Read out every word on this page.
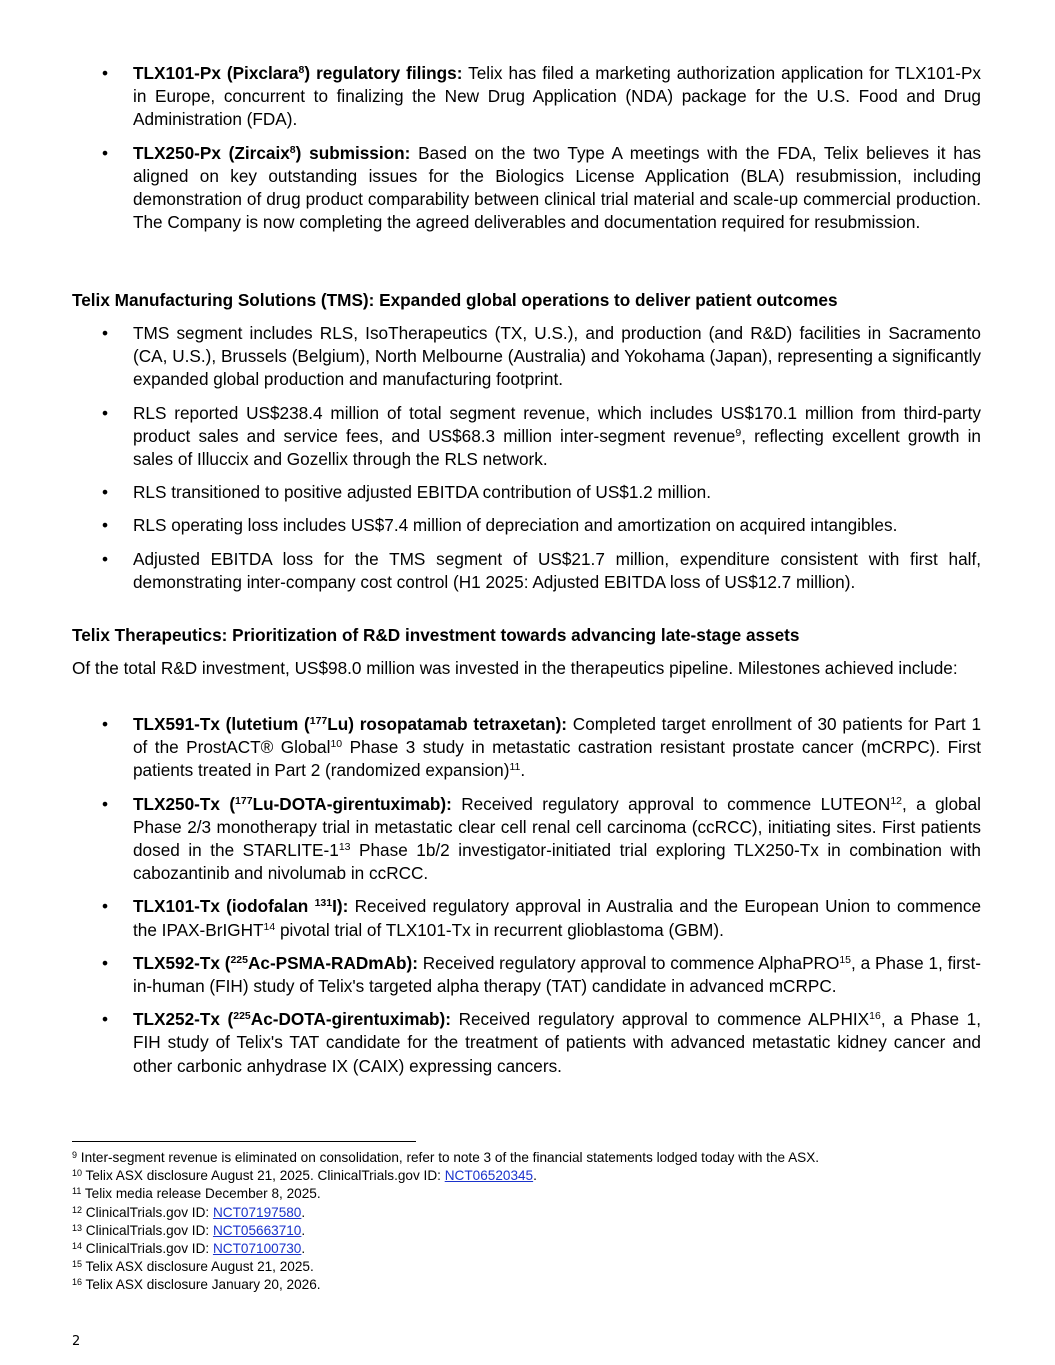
• TLX101-Px (Pixclara$^8$) regulatory filings: Telix has filed a marketing authorization application for TLX101-Px in Europe, concurrent to finalizing the New Drug Application (NDA) package for the U.S. Food and Drug Administration (FDA).
• TLX250-Px (Zircaix$^8$) submission: Based on the two Type A meetings with the FDA, Telix believes it has aligned on key outstanding issues for the Biologics License Application (BLA) resubmission, including demonstration of drug product comparability between clinical trial material and scale-up commercial production. The Company is now completing the agreed deliverables and documentation required for resubmission.
Telix Manufacturing Solutions (TMS): Expanded global operations to deliver patient outcomes
• TMS segment includes RLS, IsoTherapeutics (TX, U.S.), and production (and R&D) facilities in Sacramento (CA, U.S.), Brussels (Belgium), North Melbourne (Australia) and Yokohama (Japan), representing a significantly expanded global production and manufacturing footprint.
• RLS reported US$238.4 million of total segment revenue, which includes US$170.1 million from third-party product sales and service fees, and US$68.3 million inter-segment revenue$^9$, reflecting excellent growth in sales of Illuccix and Gozellix through the RLS network.
• RLS transitioned to positive adjusted EBITDA contribution of US$1.2 million.
• RLS operating loss includes US$7.4 million of depreciation and amortization on acquired intangibles.
• Adjusted EBITDA loss for the TMS segment of US$21.7 million, expenditure consistent with first half, demonstrating inter-company cost control (H1 2025: Adjusted EBITDA loss of US$12.7 million).
Telix Therapeutics: Prioritization of R&D investment towards advancing late-stage assets
Of the total R&D investment, US$98.0 million was invested in the therapeutics pipeline. Milestones achieved include:
• TLX591-Tx (lutetium ($^{177}$Lu) rosopatamab tetraxetan): Completed target enrollment of 30 patients for Part 1 of the ProstACT® Global$^{10}$ Phase 3 study in metastatic castration resistant prostate cancer (mCRPC). First patients treated in Part 2 (randomized expansion)$^{11}$.
• TLX250-Tx ($^{177}$Lu-DOTA-girentuximab): Received regulatory approval to commence LUTEON$^{12}$, a global Phase 2/3 monotherapy trial in metastatic clear cell renal cell carcinoma (ccRCC), initiating sites. First patients dosed in the STARLITE-$1^{13}$ Phase 1b/2 investigator-initiated trial exploring TLX250-Tx in combination with cabozantinib and nivolumab in ccRCC.
• TLX101-Tx (iodofalan $^{131}$I): Received regulatory approval in Australia and the European Union to commence the IPAX-BrIGHT$^{14}$ pivotal trial of TLX101-Tx in recurrent glioblastoma (GBM).
• TLX592-Tx ($^{225}$Ac-PSMA-RADmAb): Received regulatory approval to commence AlphaPRO$^{15}$, a Phase 1, first-in-human (FIH) study of Telix's targeted alpha therapy (TAT) candidate in advanced mCRPC.
• TLX252-Tx ($^{225}$Ac-DOTA-girentuximab): Received regulatory approval to commence ALPHIX$^{16}$, a Phase 1, FIH study of Telix's TAT candidate for the treatment of patients with advanced metastatic kidney cancer and other carbonic anhydrase IX (CAIX) expressing cancers.
$^9$ Inter-segment revenue is eliminated on consolidation, refer to note 3 of the financial statements lodged today with the ASX.
$^{10}$ Telix ASX disclosure August 21, 2025. ClinicalTrials.gov ID: NCT06520345.
$^{11}$ Telix media release December 8, 2025.
$^{12}$ ClinicalTrials.gov ID: NCT07197580.
$^{13}$ ClinicalTrials.gov ID: NCT05663710.
$^{14}$ ClinicalTrials.gov ID: NCT07100730.
$^{15}$ Telix ASX disclosure August 21, 2025.
$^{16}$ Telix ASX disclosure January 20, 2026.
2
